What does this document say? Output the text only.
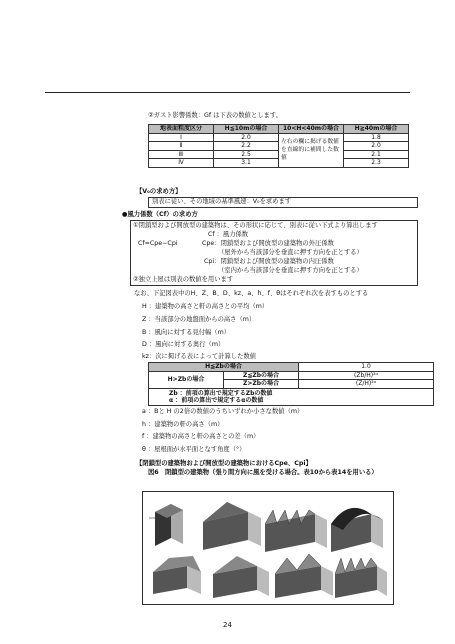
②ガスト影響係数：Gf は下表の数値とします。
地表面粗度区分	H≦10mの場合	10<H<40mの場合	H≧40mの場合
Ⅰ	2.0	左右の欄に掲げる数値を直線的に補間した数値	1.8
Ⅱ	2.2		2.0
Ⅲ	2.5		2.1
Ⅳ	3.1		2.3
【V₀の求め方】
別表に従い、その地域の基準風速：V₀を求めます
●風力係数（Cf）の求め方
①閉鎖型および開放型の建築物は、その形状に応じて、別表に従い下式より算出します
Cf ：風力係数
Cf=Cpe−Cpi	Cpe：閉鎖型および開放型の建築物の外圧係数
（屋外から当該部分を垂直に押す方向を正とする）
Cpi：閉鎖型および開放型の建築物の内圧係数
（室内から当該部分を垂直に押す方向を正とする）
②独立上屋は別表の数値を用います
なお、下記図表中のH、Z、B、D、kz、a、h、f、θはそれぞれ次を表すものとする
H ：建築物の高さと軒の高さとの平均（m）
Z ：当該部分の地盤面からの高さ（m）
B ：風向に対する見付幅（m）
D ：風向に対する奥行（m）
kz：次に掲げる表によって計算した数値
H≦Zbの場合		1.0
H>Zbの場合	Z≦Zbの場合	(Zb/H)²ᵅ
	Z>Zbの場合	(Z/H)²ᵅ

Zb ：前項の算出で規定するZbの数値
α ：前項の算出で規定するαの数値		
a ：Bと H の2倍の数値のうちいずれか小さな数値（m）
h ：建築物の軒の高さ（m）
f ：建築物の高さと軒の高さとの差（m）
θ ：屋根面が水平面となす角度（°）
【閉鎖型の建築物および開放型の建築物におけるCpe、Cpi】
図6　閉鎖型の建築物（張り間方向に風を受ける場合。表10から表14を用いる）
24
